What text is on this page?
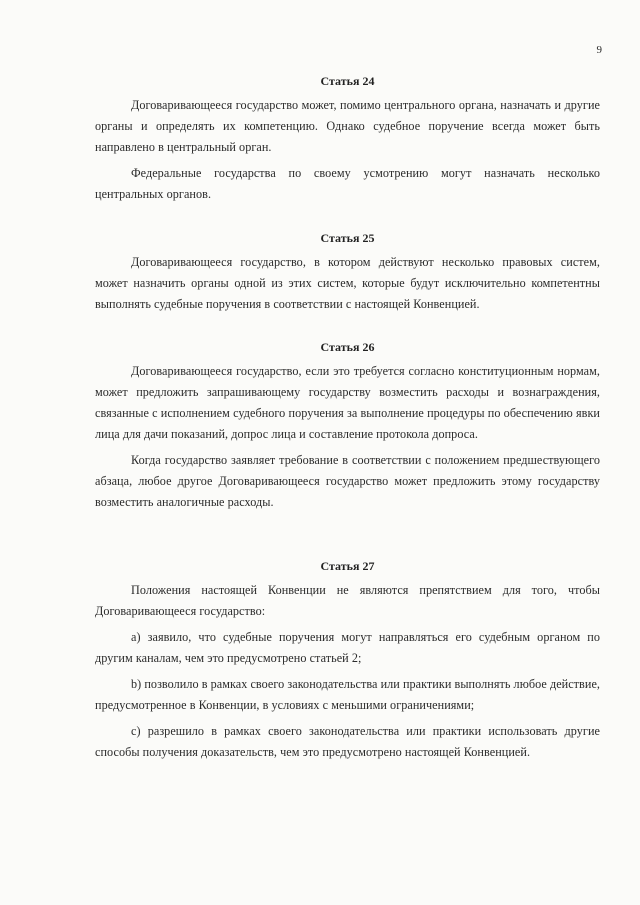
9

Статья 24

Договаривающееся государство может, помимо центрального органа, назначать и другие органы и определять их компетенцию. Однако судебное поручение всегда может быть направлено в центральный орган.

Федеральные государства по своему усмотрению могут назначать несколько центральных органов.

Статья 25

Договаривающееся государство, в котором действуют несколько правовых систем, может назначить органы одной из этих систем, которые будут исключительно компетентны выполнять судебные поручения в соответствии с настоящей Конвенцией.

Статья 26

Договаривающееся государство, если это требуется согласно конституционным нормам, может предложить запрашивающему государству возместить расходы и вознаграждения, связанные с исполнением судебного поручения за выполнение процедуры по обеспечению явки лица для дачи показаний, допрос лица и составление протокола допроса.

Когда государство заявляет требование в соответствии с положением предшествующего абзаца, любое другое Договаривающееся государство может предложить этому государству возместить аналогичные расходы.

Статья 27

Положения настоящей Конвенции не являются препятствием для того, чтобы Договаривающееся государство:

а) заявило, что судебные поручения могут направляться его судебным органом по другим каналам, чем это предусмотрено статьей 2;

b) позволило в рамках своего законодательства или практики выполнять любое действие, предусмотренное в Конвенции, в условиях с меньшими ограничениями;

с) разрешило в рамках своего законодательства или практики использовать другие способы получения доказательств, чем это предусмотрено настоящей Конвенцией.
